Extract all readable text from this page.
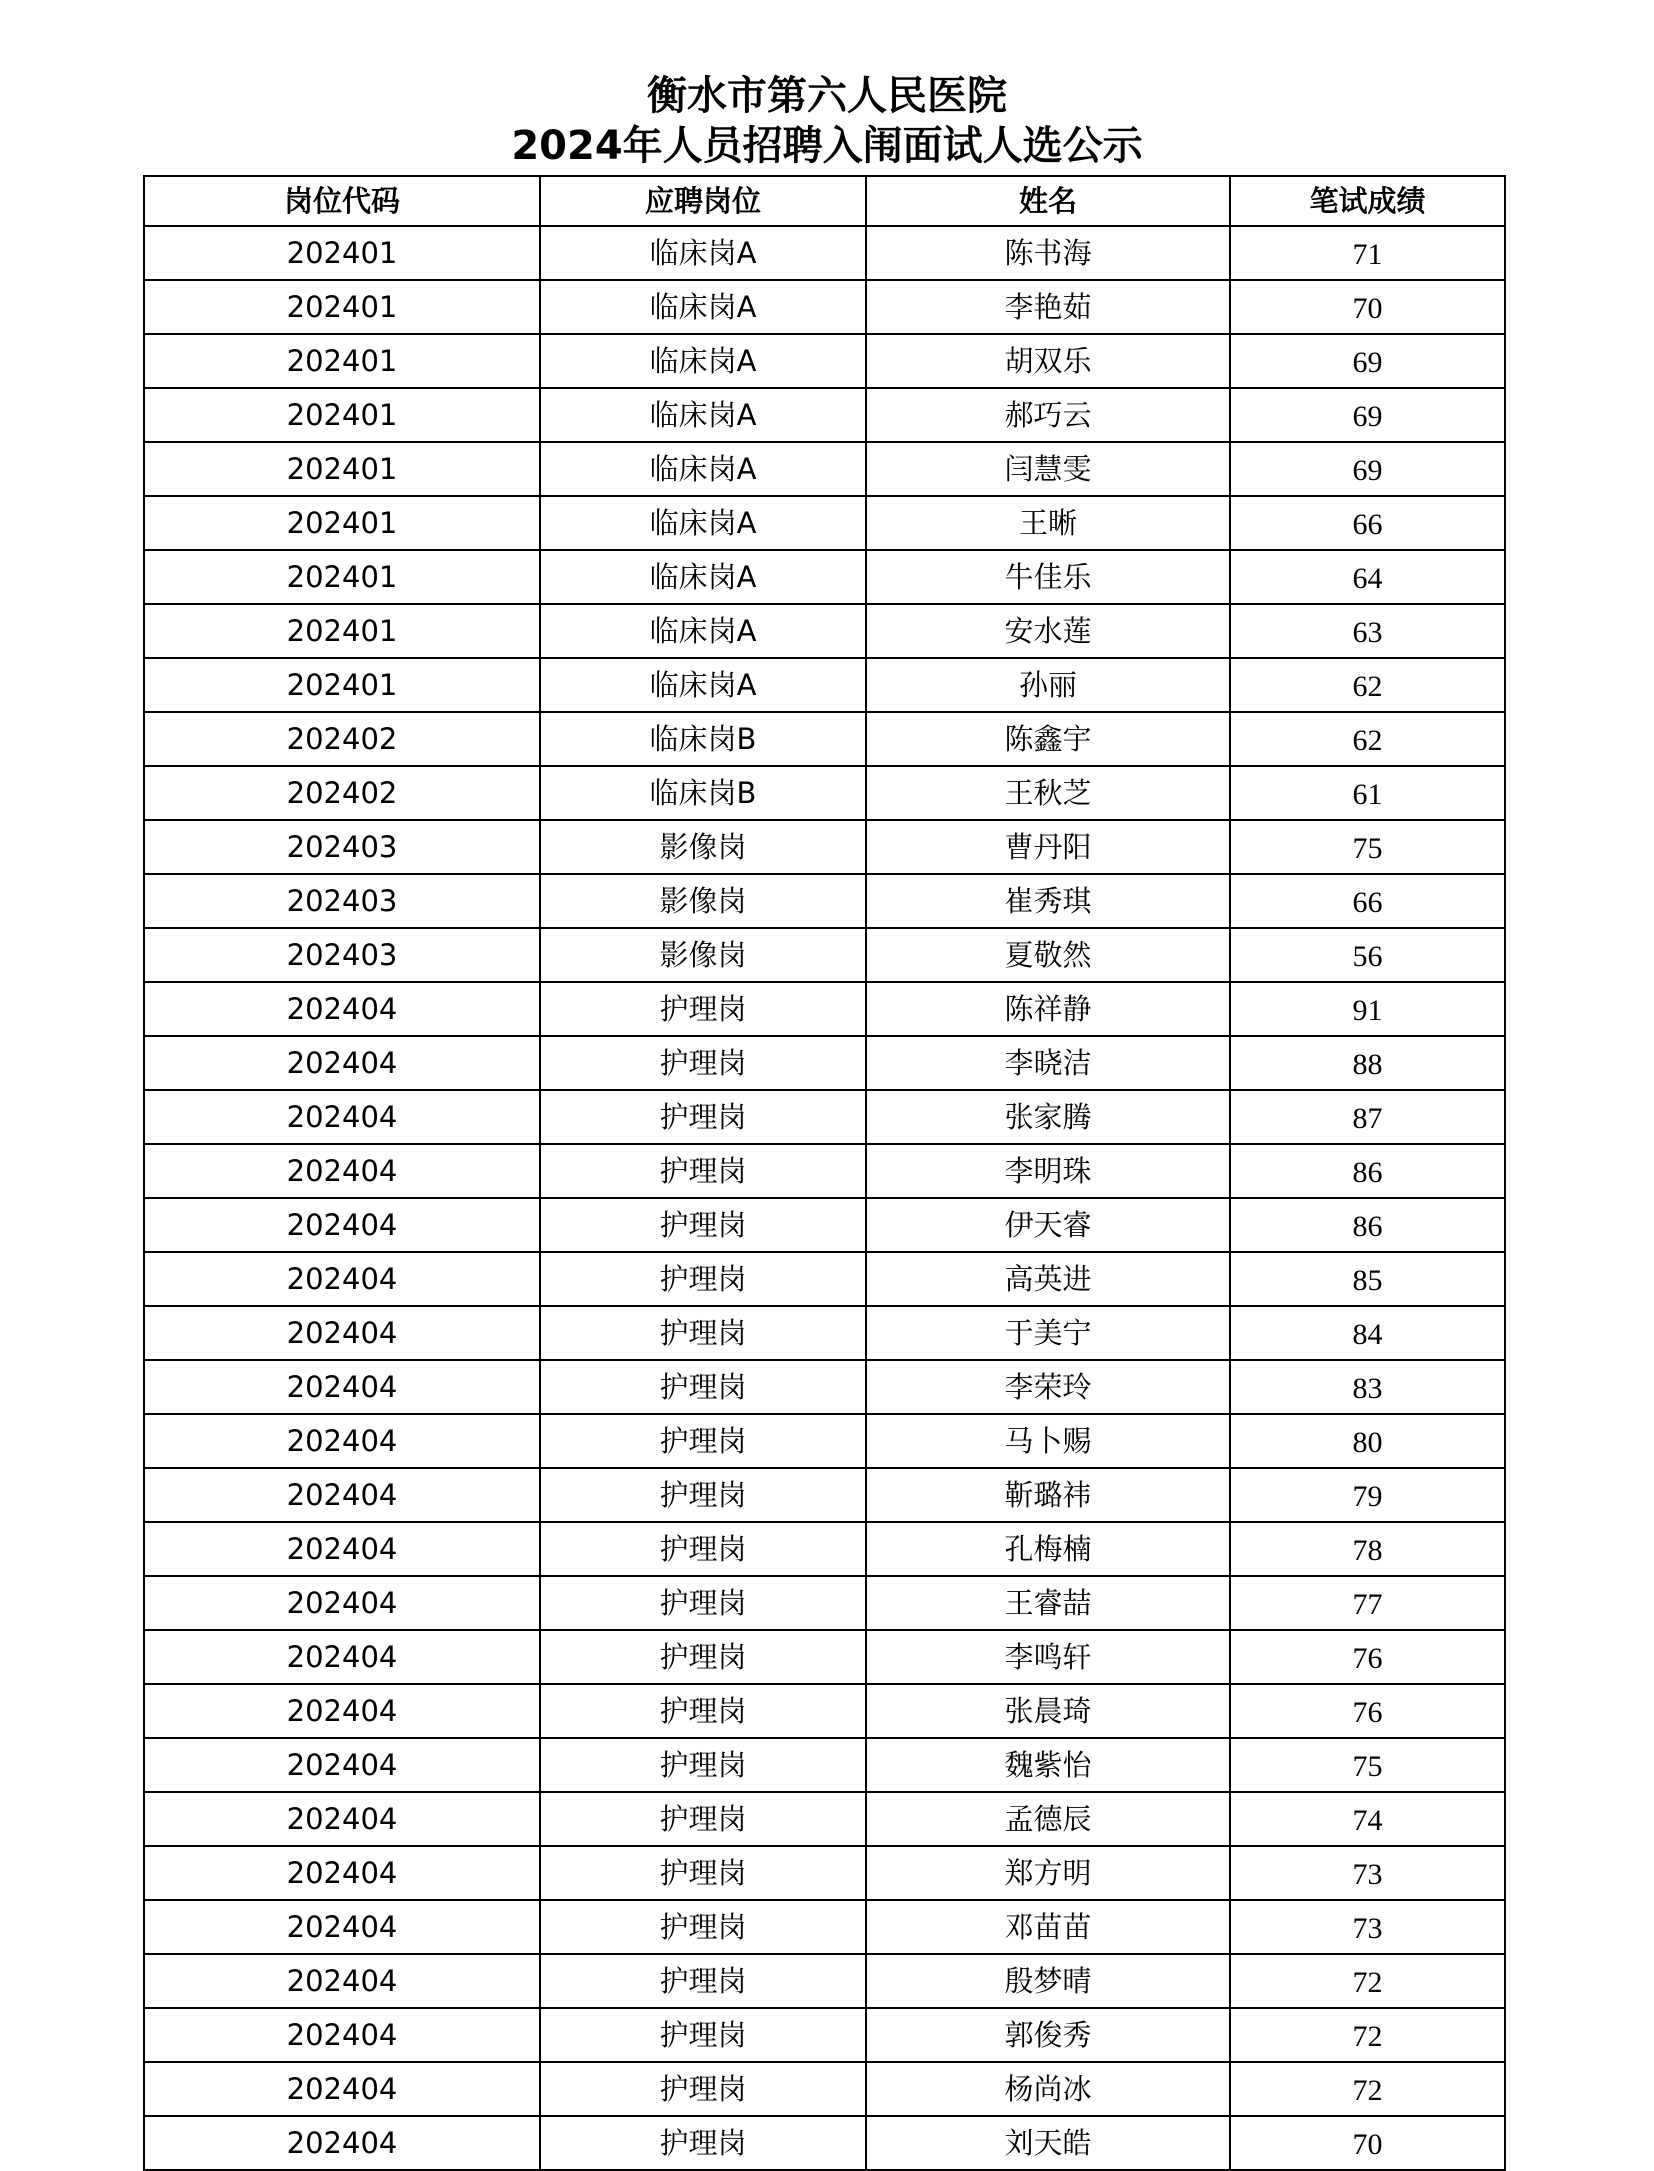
衡水市第六人民医院
2024年人员招聘入闱面试人选公示
岗位代码	应聘岗位	姓名	笔试成绩
202401	临床岗A	陈书海	71
202401	临床岗A	李艳茹	70
202401	临床岗A	胡双乐	69
202401	临床岗A	郝巧云	69
202401	临床岗A	闫慧雯	69
202401	临床岗A	王晰	66
202401	临床岗A	牛佳乐	64
202401	临床岗A	安水莲	63
202401	临床岗A	孙丽	62
202402	临床岗B	陈鑫宇	62
202402	临床岗B	王秋芝	61
202403	影像岗	曹丹阳	75
202403	影像岗	崔秀琪	66
202403	影像岗	夏敬然	56
202404	护理岗	陈祥静	91
202404	护理岗	李晓洁	88
202404	护理岗	张家腾	87
202404	护理岗	李明珠	86
202404	护理岗	伊天睿	86
202404	护理岗	高英进	85
202404	护理岗	于美宁	84
202404	护理岗	李荣玲	83
202404	护理岗	马卜赐	80
202404	护理岗	靳璐祎	79
202404	护理岗	孔梅楠	78
202404	护理岗	王睿喆	77
202404	护理岗	李鸣轩	76
202404	护理岗	张晨琦	76
202404	护理岗	魏紫怡	75
202404	护理岗	孟德辰	74
202404	护理岗	郑方明	73
202404	护理岗	邓苗苗	73
202404	护理岗	殷梦晴	72
202404	护理岗	郭俊秀	72
202404	护理岗	杨尚冰	72
202404	护理岗	刘天皓	70
